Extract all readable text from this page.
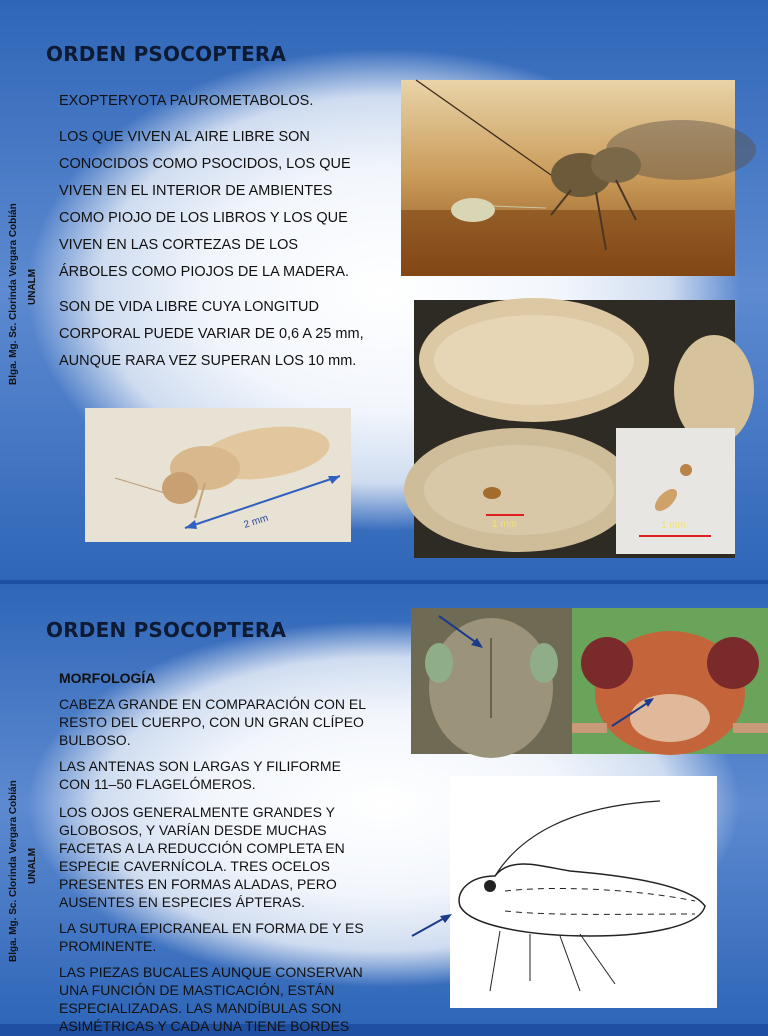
ORDEN PSOCOPTERA
Blga. Mg. Sc. Clorinda Vergara Cobián UNALM

EXOPTERYOTA PAUROMETABOLOS.

LOS QUE VIVEN AL AIRE LIBRE SON

CONOCIDOS COMO PSOCIDOS, LOS QUE

VIVEN EN EL INTERIOR DE AMBIENTES

COMO PIOJO DE LOS LIBROS Y LOS QUE

VIVEN EN LAS CORTEZAS DE LOS

ÁRBOLES COMO PIOJOS DE LA MADERA.

SON DE VIDA LIBRE CUYA LONGITUD

CORPORAL PUEDE VARIAR DE 0,6 A 25 mm,

AUNQUE RARA VEZ SUPERAN LOS 10 mm.

1 mm	1 mm
2 mm
ORDEN PSOCOPTERA
Blga. Mg. Sc. Clorinda Vergara Cobián UNALM

MORFOLOGÍA

CABEZA GRANDE EN COMPARACIÓN CON EL

RESTO DEL CUERPO, CON UN GRAN CLÍPEO

BULBOSO.

LAS ANTENAS SON LARGAS Y FILIFORME

CON 11–50 FLAGELÓMEROS.

LOS OJOS GENERALMENTE GRANDES Y

GLOBOSOS, Y VARÍAN DESDE MUCHAS

FACETAS A LA REDUCCIÓN COMPLETA EN

ESPECIE CAVERNÍCOLA. TRES OCELOS

PRESENTES EN FORMAS ALADAS, PERO

AUSENTES EN ESPECIES ÁPTERAS.

LA SUTURA EPICRANEAL EN FORMA DE Y ES

PROMINENTE.

LAS PIEZAS BUCALES AUNQUE CONSERVAN

UNA FUNCIÓN DE MASTICACIÓN, ESTÁN

ESPECIALIZADAS. LAS MANDÍBULAS SON

ASIMÉTRICAS Y CADA UNA TIENE BORDES
